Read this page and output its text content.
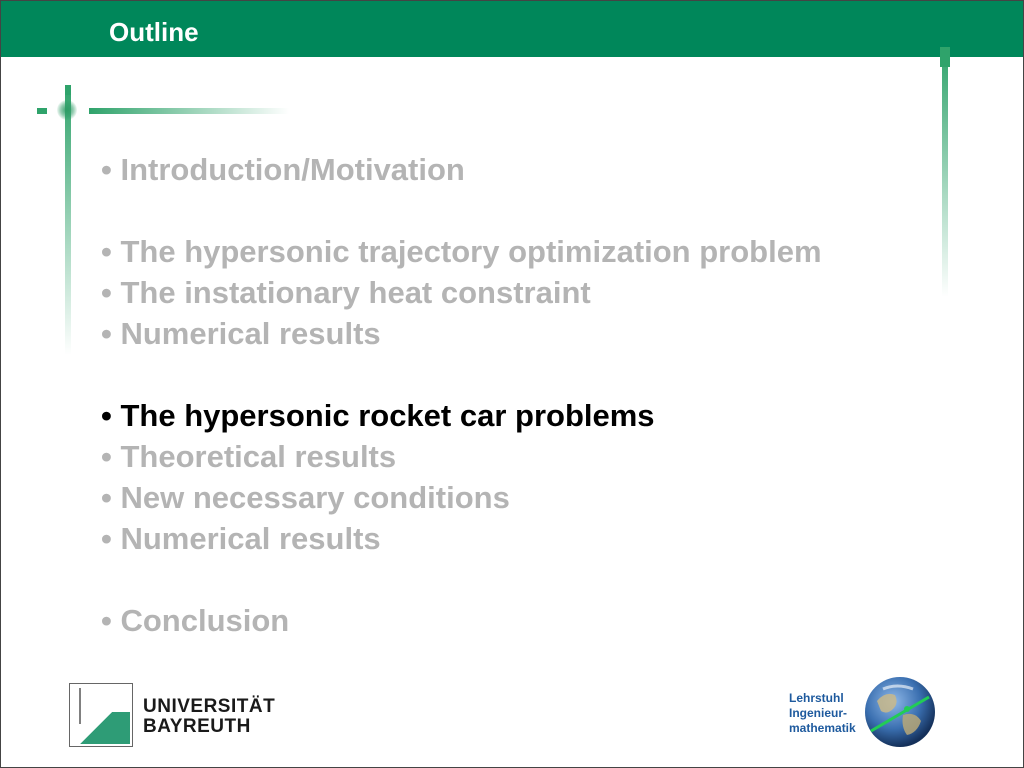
Outline
• Introduction/Motivation
• The hypersonic trajectory optimization problem
• The instationary heat constraint
• Numerical results
• The hypersonic rocket car problems
• Theoretical results
• New necessary conditions
• Numerical results
• Conclusion
UNIVERSITÄT
BAYREUTH
Lehrstuhl
Ingenieur-
mathematik
